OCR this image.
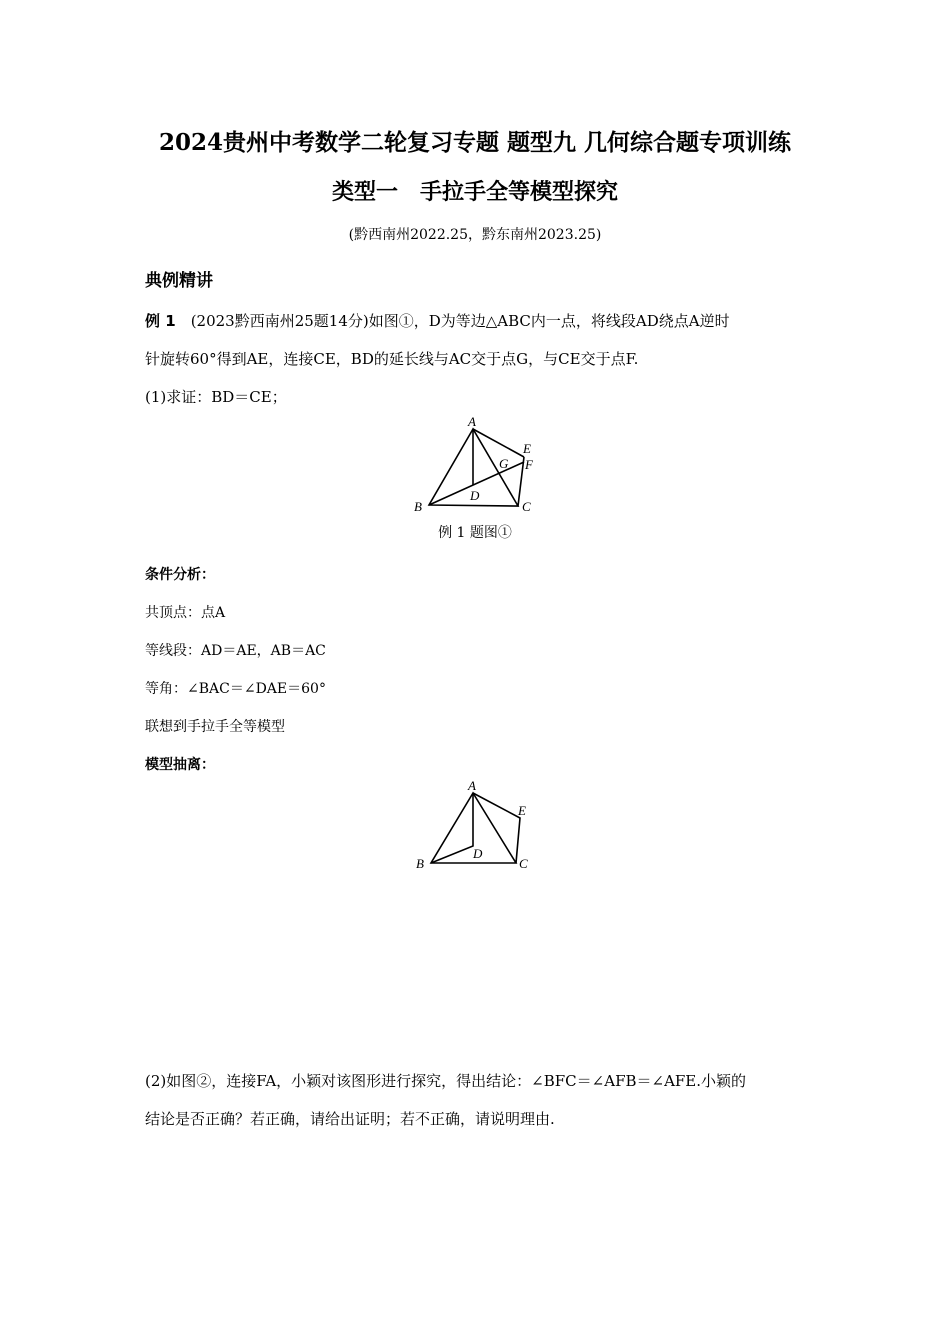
2024贵州中考数学二轮复习专题 题型九 几何综合题专项训练
类型一　手拉手全等模型探究
(黔西南州2022.25，黔东南州2023.25)
典例精讲
例 1　 (2023黔西南州25题14分)如图①，D为等边△ABC内一点，将线段AD绕点A逆时
针旋转60°得到AE，连接CE，BD的延长线与AC交于点G，与CE交于点F.
(1)求证：BD＝CE；
A
E
G F
D
B	C
A
E
D
B	C
例 1 题图①
条件分析：
共顶点：点A
等线段：AD＝AE，AB＝AC
等角：∠BAC＝∠DAE＝60°
联想到手拉手全等模型
模型抽离：
(2)如图②，连接FA，小颖对该图形进行探究，得出结论：∠BFC＝∠AFB＝∠AFE.小颖的
结论是否正确？若正确，请给出证明；若不正确，请说明理由.
